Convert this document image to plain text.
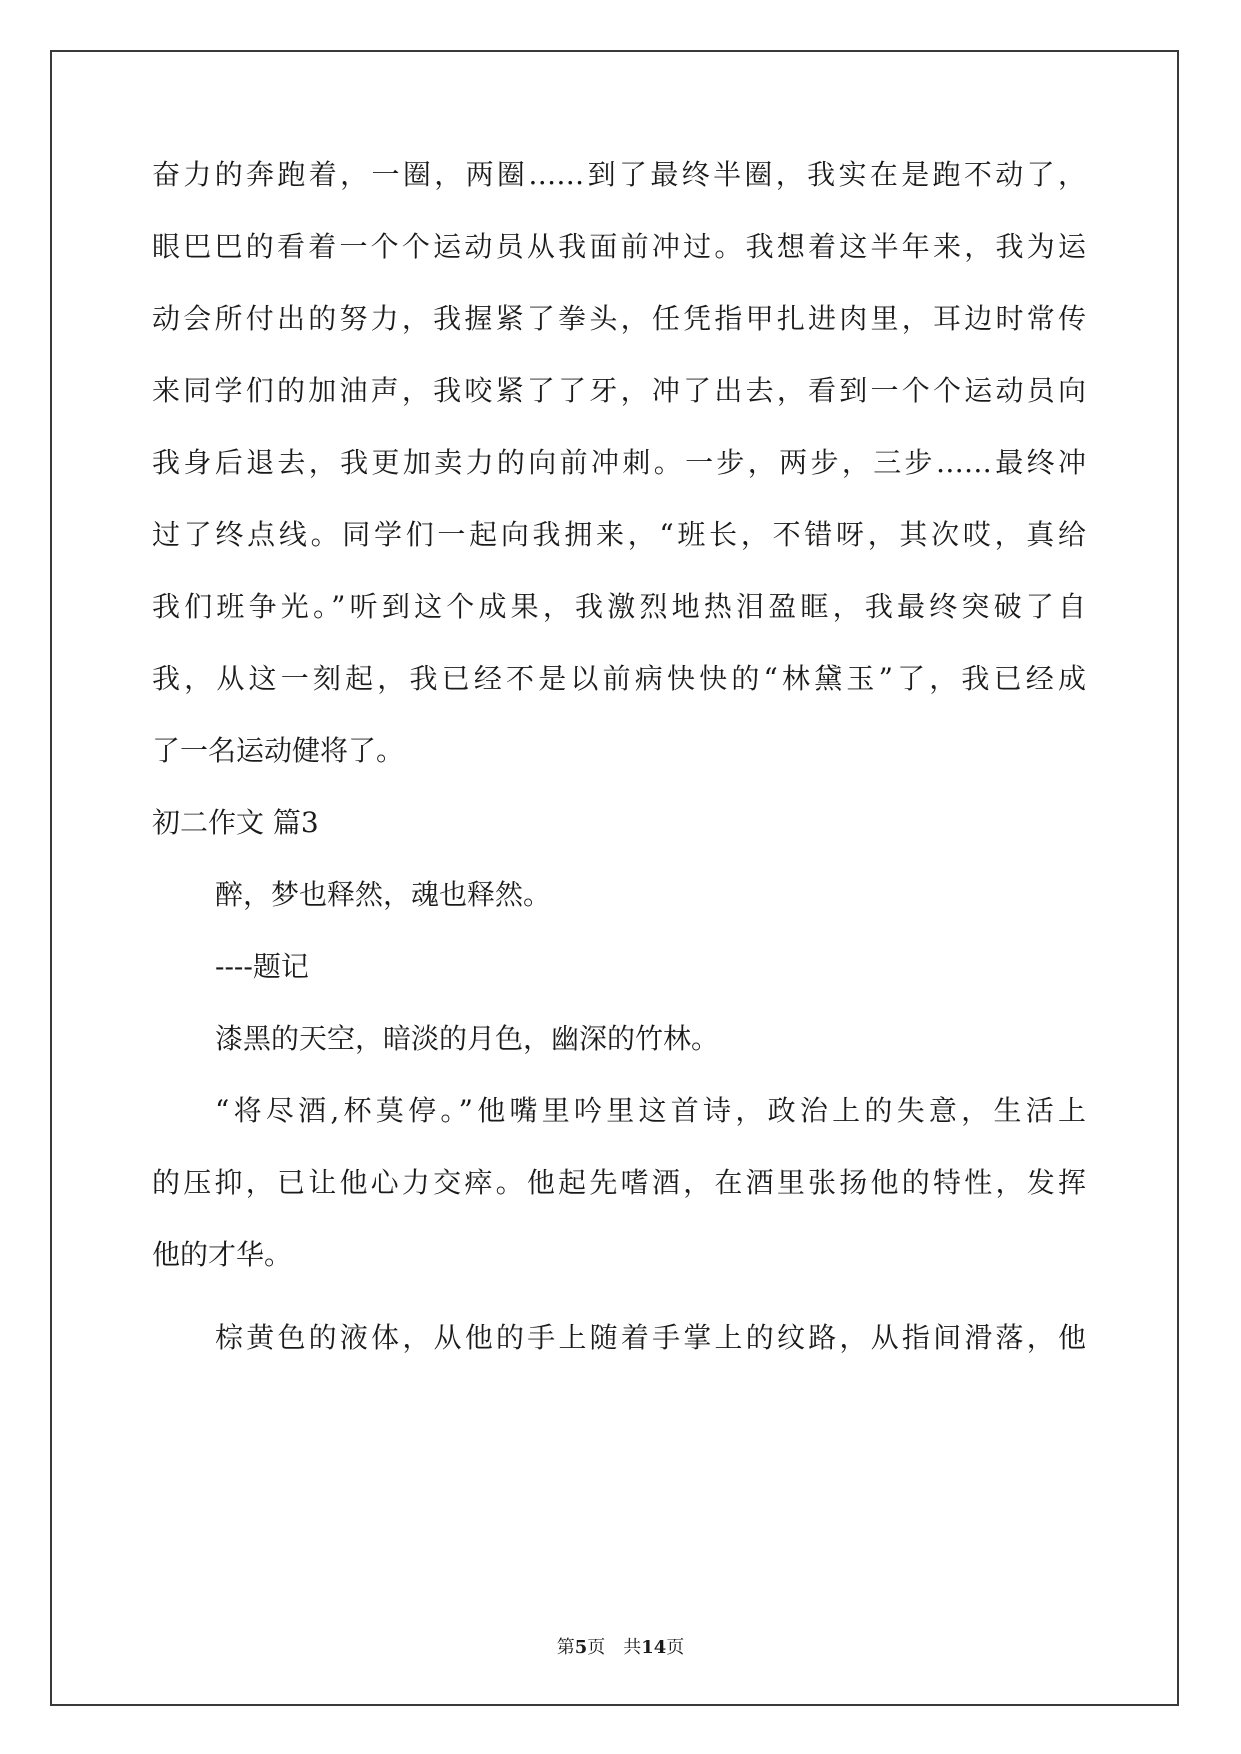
奋力的奔跑着，一圈，两圈……到了最终半圈，我实在是跑不动了，
眼巴巴的看着一个个运动员从我面前冲过。我想着这半年来，我为运
动会所付出的努力，我握紧了拳头，任凭指甲扎进肉里，耳边时常传
来同学们的加油声，我咬紧了了牙，冲了出去，看到一个个运动员向
我身后退去，我更加卖力的向前冲刺。一步，两步，三步……最终冲
过了终点线。同学们一起向我拥来，“班长，不错呀，其次哎，真给
我们班争光。”听到这个成果，我激烈地热泪盈眶，我最终突破了自
我，从这一刻起，我已经不是以前病快快的“林黛玉”了，我已经成
了一名运动健将了。
初二作文 篇3
醉，梦也释然，魂也释然。
----题记
漆黑的天空，暗淡的月色，幽深的竹林。
“将尽酒,杯莫停。”他嘴里吟里这首诗，政治上的失意，生活上
的压抑，已让他心力交瘁。他起先嗜酒，在酒里张扬他的特性，发挥
他的才华。
棕黄色的液体，从他的手上随着手掌上的纹路，从指间滑落，他
第5页　共14页
